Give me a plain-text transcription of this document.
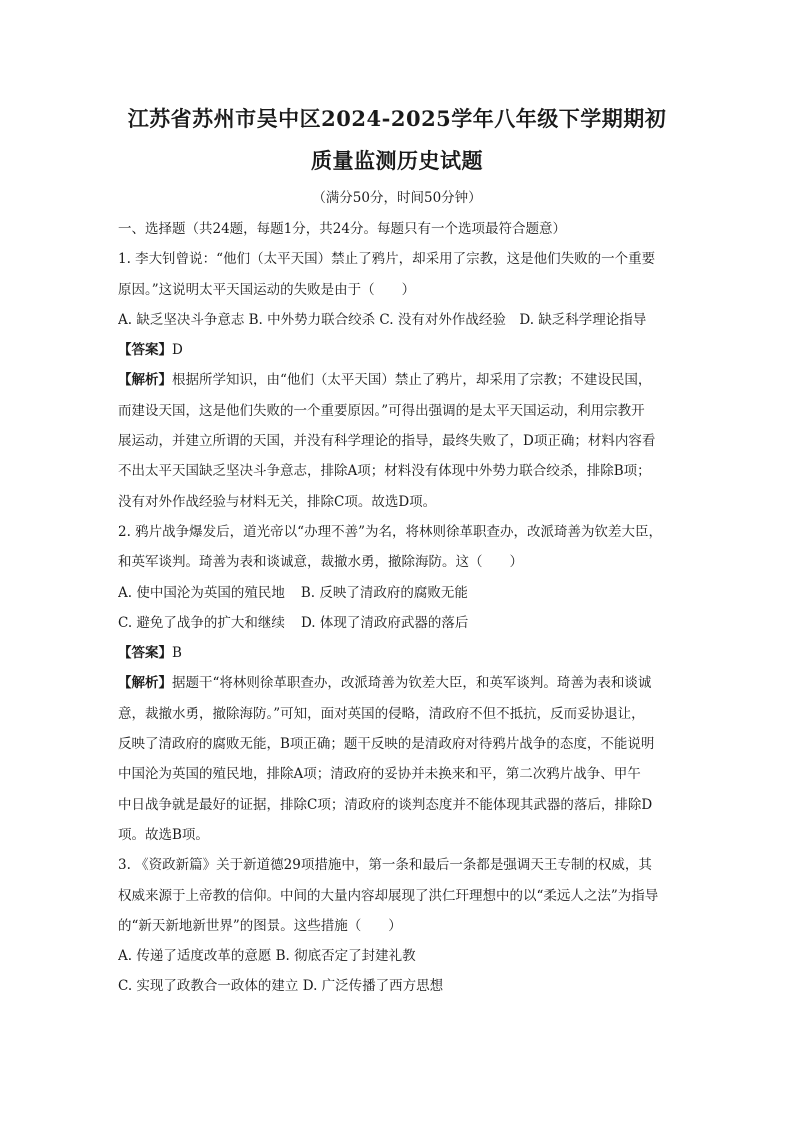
江苏省苏州市吴中区2024-2025学年八年级下学期期初
质量监测历史试题
（满分50分，时间50分钟）
一、选择题（共24题，每题1分，共24分。每题只有一个选项最符合题意）
1. 李大钊曾说：“他们（太平天国）禁止了鸦片，却采用了宗教，这是他们失败的一个重要
原因。”这说明太平天国运动的失败是由于（　　）
A. 缺乏坚决斗争意志 B. 中外势力联合绞杀 C. 没有对外作战经验　D. 缺乏科学理论指导
【答案】D
【解析】根据所学知识，由“他们（太平天国）禁止了鸦片，却采用了宗教；不建设民国，
而建设天国，这是他们失败的一个重要原因。”可得出强调的是太平天国运动，利用宗教开
展运动，并建立所谓的天国，并没有科学理论的指导，最终失败了，D项正确；材料内容看
不出太平天国缺乏坚决斗争意志，排除A项；材料没有体现中外势力联合绞杀，排除B项；
没有对外作战经验与材料无关，排除C项。故选D项。
2. 鸦片战争爆发后，道光帝以“办理不善”为名，将林则徐革职查办，改派琦善为钦差大臣，
和英军谈判。琦善为表和谈诚意，裁撤水勇，撤除海防。这（　　）
A. 使中国沦为英国的殖民地 B. 反映了清政府的腐败无能
C. 避免了战争的扩大和继续 D. 体现了清政府武器的落后
【答案】B
【解析】据题干“将林则徐革职查办，改派琦善为钦差大臣，和英军谈判。琦善为表和谈诚
意，裁撤水勇，撤除海防。”可知，面对英国的侵略，清政府不但不抵抗，反而妥协退让，
反映了清政府的腐败无能，B项正确；题干反映的是清政府对待鸦片战争的态度，不能说明
中国沦为英国的殖民地，排除A项；清政府的妥协并未换来和平，第二次鸦片战争、甲午
中日战争就是最好的证据，排除C项；清政府的谈判态度并不能体现其武器的落后，排除D
项。故选B项。
3. 《资政新篇》关于新道德29项措施中，第一条和最后一条都是强调天王专制的权威，其
权威来源于上帝教的信仰。中间的大量内容却展现了洪仁玕理想中的以“柔远人之法”为指导
的“新天新地新世界”的图景。这些措施（　　）
A. 传递了适度改革的意愿 B. 彻底否定了封建礼教
C. 实现了政教合一政体的建立 D. 广泛传播了西方思想
